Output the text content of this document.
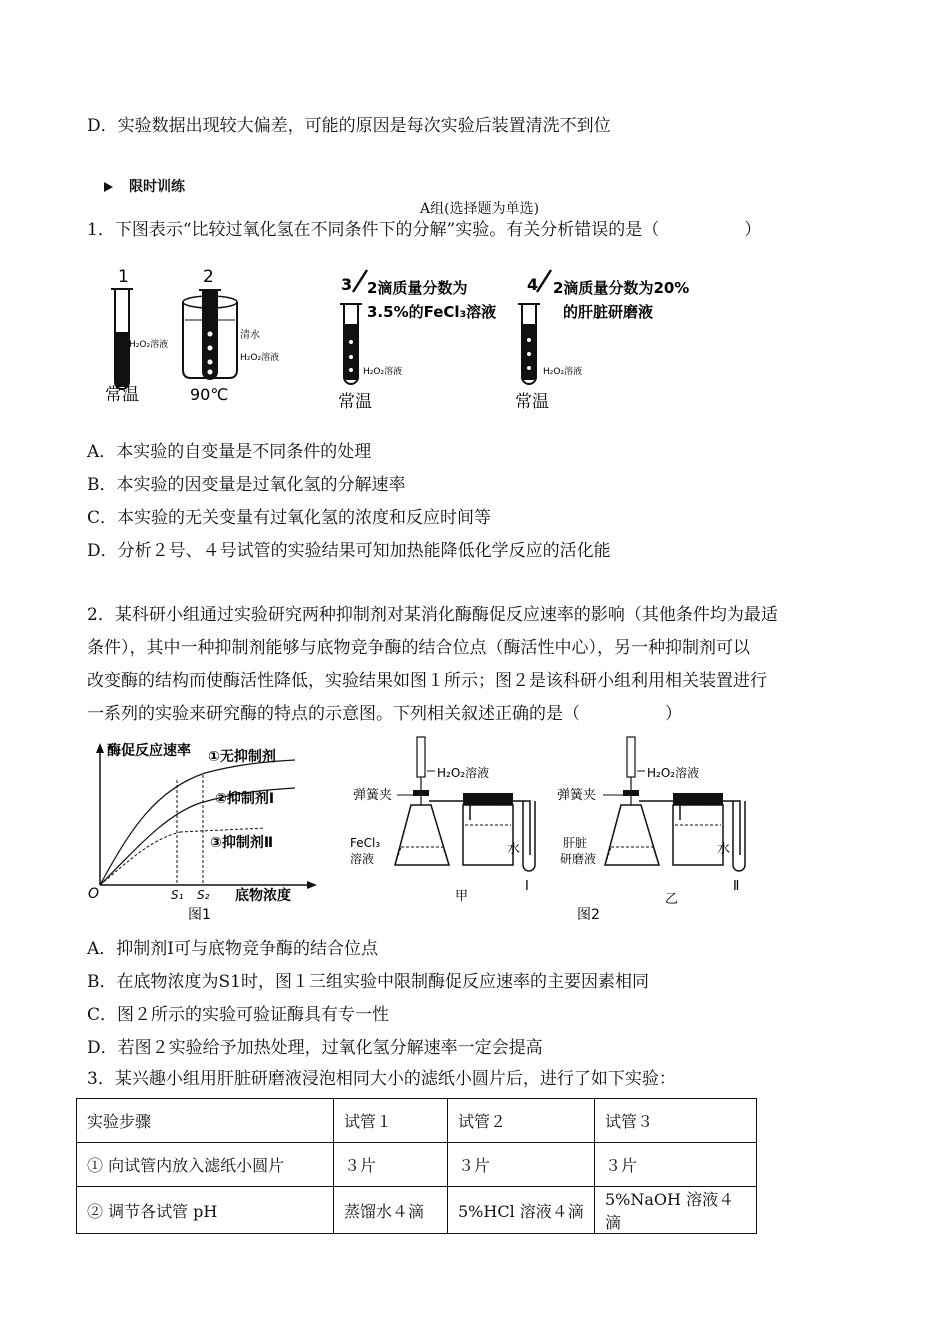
D．实验数据出现较大偏差，可能的原因是每次实验后装置清洗不到位
限时训练
A组(选择题为单选)
1．下图表示“比较过氧化氢在不同条件下的分解”实验。有关分析错误的是（　　　　　）
1
H₂O₂溶液
常温
2
清水
H₂O₂溶液
90℃
3 2滴质量分数为
3.5%的FeCl₃溶液
H₂O₂溶液
常温
4 2滴质量分数为20%
的肝脏研磨液
H₂O₂溶液
常温
A．本实验的自变量是不同条件的处理
B．本实验的因变量是过氧化氢的分解速率
C．本实验的无关变量有过氧化氢的浓度和反应时间等
D．分析２号、４号试管的实验结果可知加热能降低化学反应的活化能
2．某科研小组通过实验研究两种抑制剂对某消化酶酶促反应速率的影响（其他条件均为最适
条件），其中一种抑制剂能够与底物竞争酶的结合位点（酶活性中心），另一种抑制剂可以
改变酶的结构而使酶活性降低，实验结果如图１所示；图２是该科研小组利用相关装置进行
一系列的实验来研究酶的特点的示意图。下列相关叙述正确的是（　　　　　）
酶促反应速率 ①无抑制剂
②抑制剂Ⅰ
③抑制剂Ⅱ
O	S₁ S₂ 底物浓度
图1
H₂O₂溶液
弹簧夹
FeCl₃
溶液
水
甲
Ⅰ
H₂O₂溶液
弹簧夹
肝脏
研磨液
水
乙
Ⅱ
图2
A．抑制剂Ⅰ可与底物竞争酶的结合位点
B．在底物浓度为S1时，图１三组实验中限制酶促反应速率的主要因素相同
C．图２所示的实验可验证酶具有专一性
D．若图２实验给予加热处理，过氧化氢分解速率一定会提高
3．某兴趣小组用肝脏研磨液浸泡相同大小的滤纸小圆片后，进行了如下实验：
实验步骤	试管１	试管２	试管３
① 向试管内放入滤纸小圆片	３片	３片	３片
② 调节各试管 pH	蒸馏水４滴	5%HCl 溶液４滴	5%NaOH 溶液４滴
